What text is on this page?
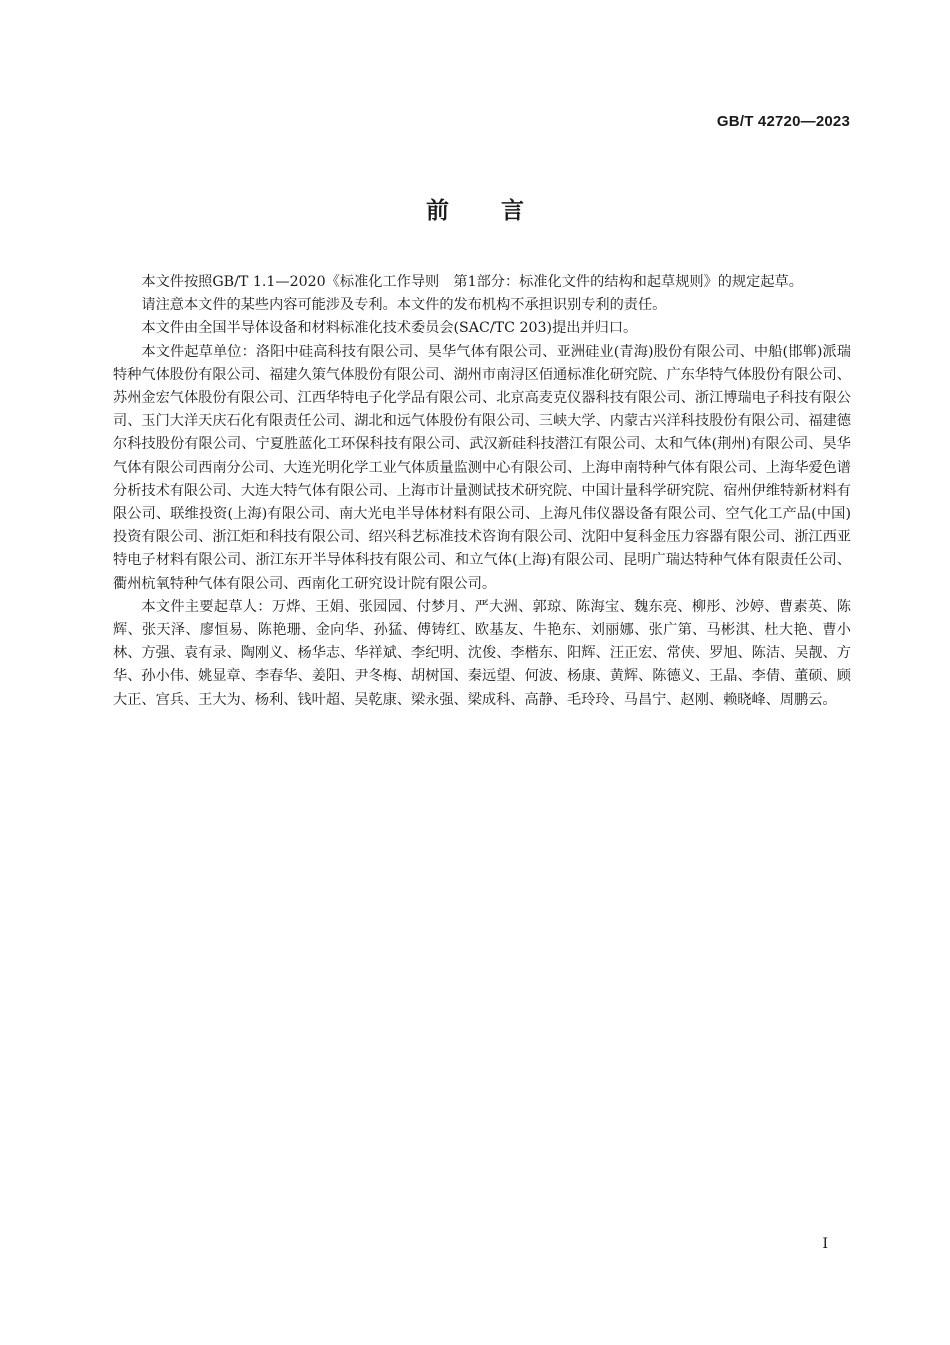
GB/T 42720—2023
前言

本文件按照GB/T 1.1—2020《标准化工作导则　第1部分：标准化文件的结构和起草规则》的规定起草。

请注意本文件的某些内容可能涉及专利。本文件的发布机构不承担识别专利的责任。

本文件由全国半导体设备和材料标准化技术委员会(SAC/TC 203)提出并归口。

本文件起草单位：洛阳中硅高科技有限公司、昊华气体有限公司、亚洲硅业(青海)股份有限公司、中船(邯郸)派瑞特种气体股份有限公司、福建久策气体股份有限公司、湖州市南浔区佰通标准化研究院、广东华特气体股份有限公司、苏州金宏气体股份有限公司、江西华特电子化学品有限公司、北京高麦克仪器科技有限公司、浙江博瑞电子科技有限公司、玉门大洋天庆石化有限责任公司、湖北和远气体股份有限公司、三峡大学、内蒙古兴洋科技股份有限公司、福建德尔科技股份有限公司、宁夏胜蓝化工环保科技有限公司、武汉新硅科技潜江有限公司、太和气体(荆州)有限公司、昊华气体有限公司西南分公司、大连光明化学工业气体质量监测中心有限公司、上海申南特种气体有限公司、上海华爱色谱分析技术有限公司、大连大特气体有限公司、上海市计量测试技术研究院、中国计量科学研究院、宿州伊维特新材料有限公司、联维投资(上海)有限公司、南大光电半导体材料有限公司、上海凡伟仪器设备有限公司、空气化工产品(中国)投资有限公司、浙江炬和科技有限公司、绍兴科艺标准技术咨询有限公司、沈阳中复科金压力容器有限公司、浙江西亚特电子材料有限公司、浙江东开半导体科技有限公司、和立气体(上海)有限公司、昆明广瑞达特种气体有限责任公司、衢州杭氧特种气体有限公司、西南化工研究设计院有限公司。

本文件主要起草人：万烨、王娟、张园园、付梦月、严大洲、郭琼、陈海宝、魏东亮、柳彤、沙婷、曹素英、陈辉、张天泽、廖恒易、陈艳珊、金向华、孙猛、傅铸红、欧基友、牛艳东、刘丽娜、张广第、马彬淇、杜大艳、曹小林、方强、袁有录、陶刚义、杨华志、华祥斌、李纪明、沈俊、李楷东、阳辉、汪正宏、常侠、罗旭、陈洁、吴靓、方华、孙小伟、姚显章、李春华、姜阳、尹冬梅、胡树国、秦远望、何波、杨康、黄辉、陈德义、王晶、李倩、董硕、顾大正、宫兵、王大为、杨利、钱叶超、吴乾康、梁永强、梁成科、高静、毛玲玲、马昌宁、赵刚、赖晓峰、周鹏云。

I
